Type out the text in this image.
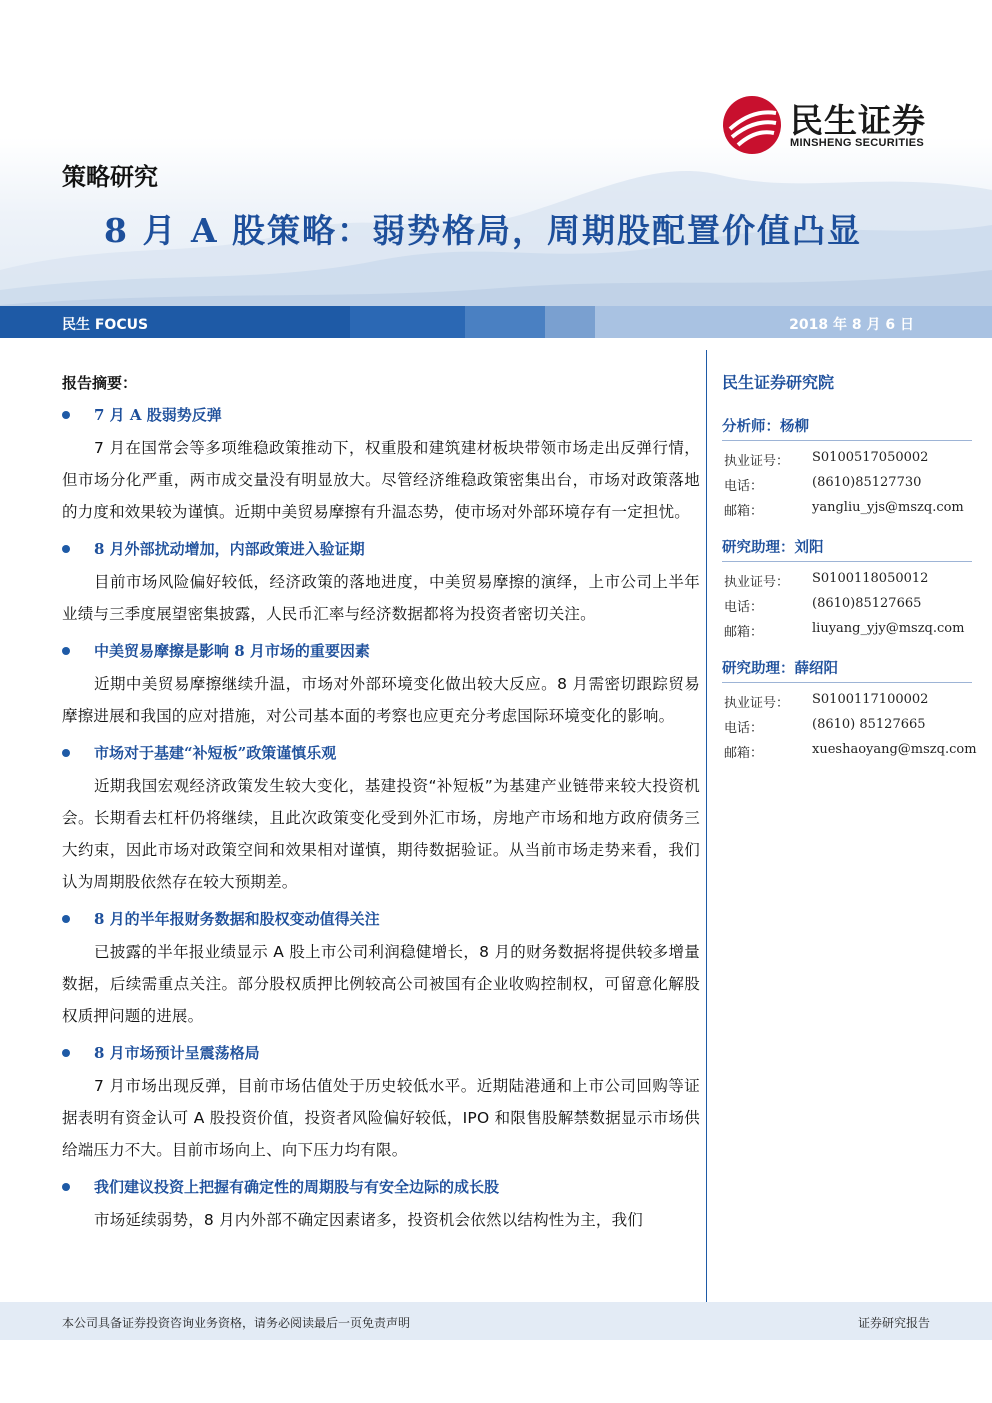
民生证券
MINSHENG SECURITIES
策略研究
8 月 A 股策略：弱势格局，周期股配置价值凸显
民生 FOCUS	2018 年 8 月 6 日
报告摘要：
7 月 A 股弱势反弹
7 月在国常会等多项维稳政策推动下，权重股和建筑建材板块带领市场走出反弹行情，但市场分化严重，两市成交量没有明显放大。尽管经济维稳政策密集出台，市场对政策落地的力度和效果较为谨慎。近期中美贸易摩擦有升温态势，使市场对外部环境存有一定担忧。
8 月外部扰动增加，内部政策进入验证期
目前市场风险偏好较低，经济政策的落地进度，中美贸易摩擦的演绎，上市公司上半年业绩与三季度展望密集披露，人民币汇率与经济数据都将为投资者密切关注。
中美贸易摩擦是影响 8 月市场的重要因素
近期中美贸易摩擦继续升温，市场对外部环境变化做出较大反应。8 月需密切跟踪贸易摩擦进展和我国的应对措施，对公司基本面的考察也应更充分考虑国际环境变化的影响。
市场对于基建“补短板”政策谨慎乐观
近期我国宏观经济政策发生较大变化，基建投资“补短板”为基建产业链带来较大投资机会。长期看去杠杆仍将继续，且此次政策变化受到外汇市场，房地产市场和地方政府债务三大约束，因此市场对政策空间和效果相对谨慎，期待数据验证。从当前市场走势来看，我们认为周期股依然存在较大预期差。
8 月的半年报财务数据和股权变动值得关注
已披露的半年报业绩显示 A 股上市公司利润稳健增长，8 月的财务数据将提供较多增量数据，后续需重点关注。部分股权质押比例较高公司被国有企业收购控制权，可留意化解股权质押问题的进展。
8 月市场预计呈震荡格局
7 月市场出现反弹，目前市场估值处于历史较低水平。近期陆港通和上市公司回购等证据表明有资金认可 A 股投资价值，投资者风险偏好较低，IPO 和限售股解禁数据显示市场供给端压力不大。目前市场向上、向下压力均有限。
我们建议投资上把握有确定性的周期股与有安全边际的成长股
市场延续弱势，8 月内外部不确定因素诸多，投资机会依然以结构性为主，我们
民生证券研究院
分析师：杨柳
执业证号： S0100517050002
电话：	(8610)85127730
邮箱：	yangliu_yjs@mszq.com
研究助理：刘阳
执业证号： S0100118050012
电话：	(8610)85127665
邮箱：	liuyang_yjy@mszq.com
研究助理：薛绍阳
执业证号： S0100117100002
电话：	(8610) 85127665
邮箱：	xueshaoyang@mszq.com
本公司具备证券投资咨询业务资格，请务必阅读最后一页免责声明	证券研究报告
